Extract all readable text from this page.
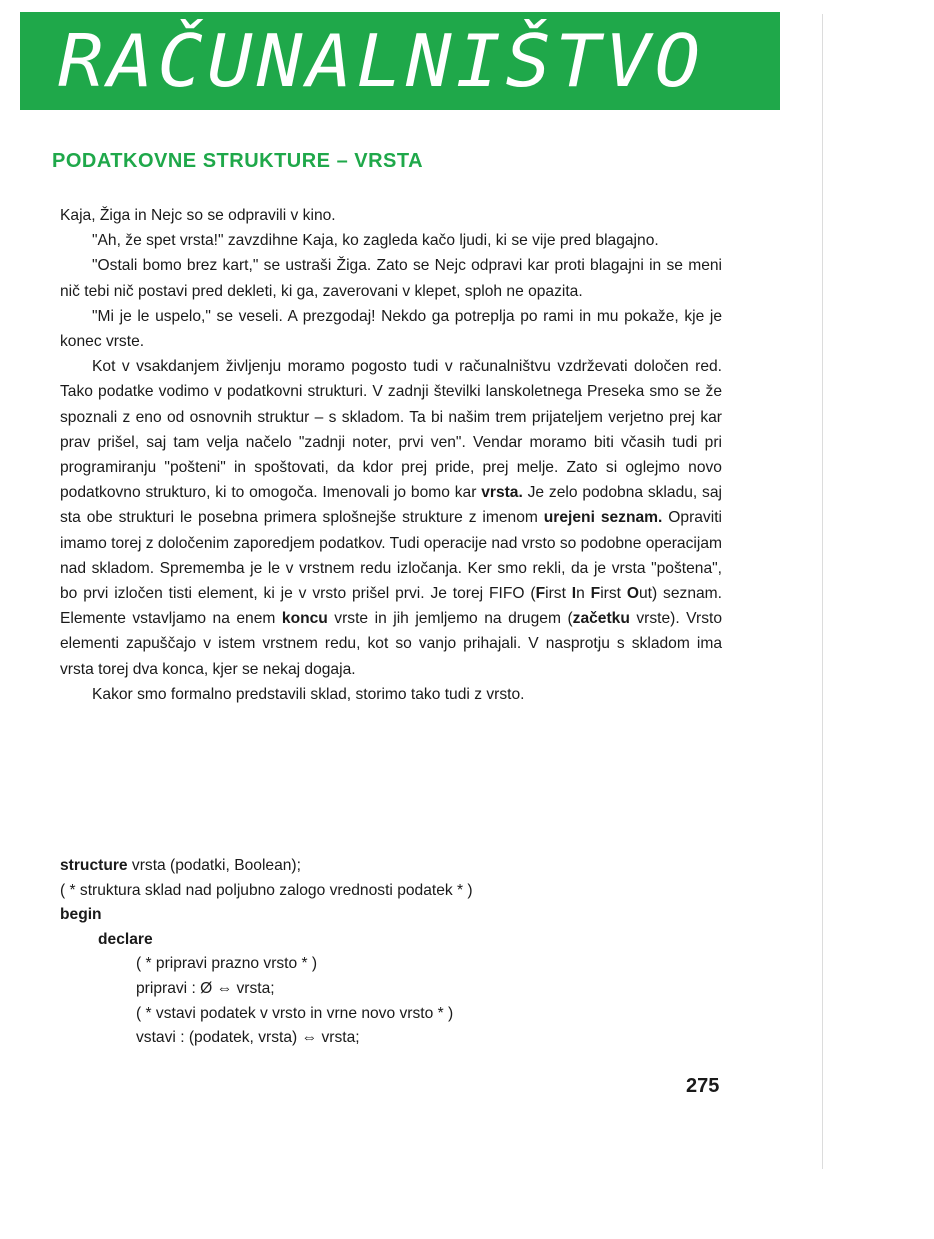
RAČUNALNIŠTVO
PODATKOVNE STRUKTURE – VRSTA

Kaja, Žiga in Nejc so se odpravili v kino.

"Ah, že spet vrsta!" zavzdihne Kaja, ko zagleda kačo ljudi, ki se vije pred blagajno.

"Ostali bomo brez kart," se ustraši Žiga. Zato se Nejc odpravi kar proti blagajni in se meni nič tebi nič postavi pred dekleti, ki ga, zaverovani v klepet, sploh ne opazita.

"Mi je le uspelo," se veseli. A prezgodaj! Nekdo ga potreplja po rami in mu pokaže, kje je konec vrste.

Kot v vsakdanjem življenju moramo pogosto tudi v računalništvu vzdrževati določen red. Tako podatke vodimo v podatkovni strukturi. V zadnji številki lanskoletnega Preseka smo se že spoznali z eno od osnovnih struktur – s skladom. Ta bi našim trem prijateljem verjetno prej kar prav prišel, saj tam velja načelo "zadnji noter, prvi ven". Vendar moramo biti včasih tudi pri programiranju "pošteni" in spoštovati, da kdor prej pride, prej melje. Zato si oglejmo novo podatkovno strukturo, ki to omogoča. Imenovali jo bomo kar vrsta. Je zelo podobna skladu, saj sta obe strukturi le posebna primera splošnejše strukture z imenom urejeni seznam. Opraviti imamo torej z določenim zaporedjem podatkov. Tudi operacije nad vrsto so podobne operacijam nad skladom. Sprememba je le v vrstnem redu izločanja. Ker smo rekli, da je vrsta "poštena", bo prvi izločen tisti element, ki je v vrsto prišel prvi. Je torej FIFO (First In First Out) seznam. Elemente vstavljamo na enem koncu vrste in jih jemljemo na drugem (začetku vrste). Vrsto elementi zapuščajo v istem vrstnem redu, kot so vanjo prihajali. V nasprotju s skladom ima vrsta torej dva konca, kjer se nekaj dogaja.

Kakor smo formalno predstavili sklad, storimo tako tudi z vrsto.

structure vrsta (podatki, Boolean);
( * struktura sklad nad poljubno zalogo vrednosti podatek * )
begin
declare
( * pripravi prazno vrsto * )
pripravi : Ø ⇔ vrsta;
( * vstavi podatek v vrsto in vrne novo vrsto * )
vstavi : (podatek, vrsta) ⇔ vrsta;
275
